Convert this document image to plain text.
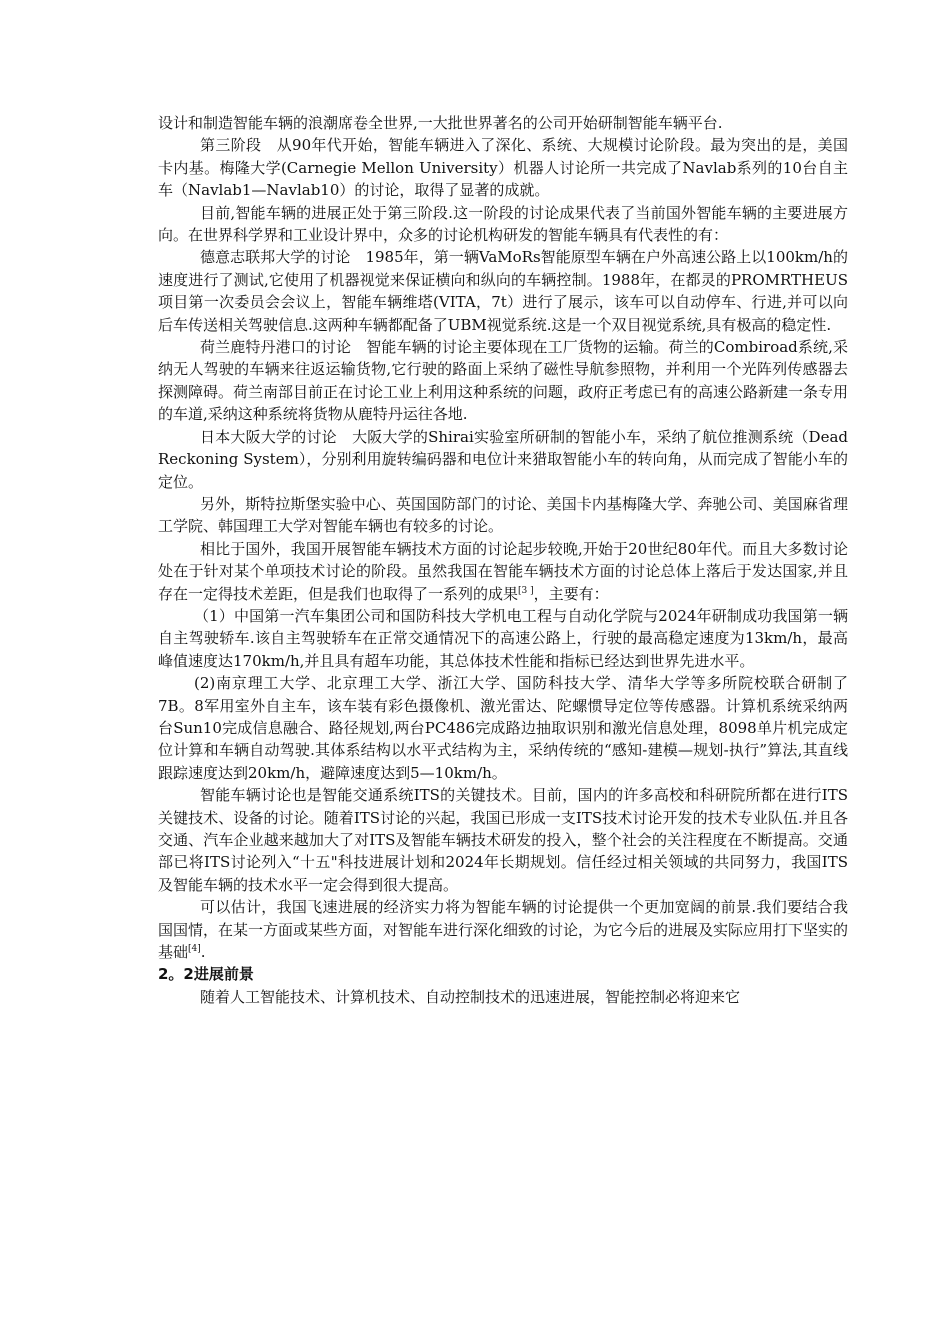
设计和制造智能车辆的浪潮席卷全世界,一大批世界著名的公司开始研制智能车辆平台.

第三阶段　从90年代开始，智能车辆进入了深化、系统、大规模讨论阶段。最为突出的是，美国卡内基。梅隆大学(Carnegie Mellon University）机器人讨论所一共完成了Navlab系列的10台自主车（Navlab1—Navlab10）的讨论，取得了显著的成就。

目前,智能车辆的进展正处于第三阶段.这一阶段的讨论成果代表了当前国外智能车辆的主要进展方向。在世界科学界和工业设计界中，众多的讨论机构研发的智能车辆具有代表性的有：

德意志联邦大学的讨论　1985年，第一辆VaMoRs智能原型车辆在户外高速公路上以100km/h的速度进行了测试,它使用了机器视觉来保证横向和纵向的车辆控制。1988年，在都灵的PROMRTHEUS项目第一次委员会会议上，智能车辆维塔(VITA，7t）进行了展示，该车可以自动停车、行进,并可以向后车传送相关驾驶信息.这两种车辆都配备了UBM视觉系统.这是一个双目视觉系统,具有极高的稳定性.

荷兰鹿特丹港口的讨论　智能车辆的讨论主要体现在工厂货物的运输。荷兰的Combiroad系统,采纳无人驾驶的车辆来往返运输货物,它行驶的路面上采纳了磁性导航参照物，并利用一个光阵列传感器去探测障碍。荷兰南部目前正在讨论工业上利用这种系统的问题，政府正考虑已有的高速公路新建一条专用的车道,采纳这种系统将货物从鹿特丹运往各地.

日本大阪大学的讨论　大阪大学的Shirai实验室所研制的智能小车，采纳了航位推测系统（Dead Reckoning System），分别利用旋转编码器和电位计来猎取智能小车的转向角，从而完成了智能小车的定位。

另外，斯特拉斯堡实验中心、英国国防部门的讨论、美国卡内基梅隆大学、奔驰公司、美国麻省理工学院、韩国理工大学对智能车辆也有较多的讨论。

相比于国外，我国开展智能车辆技术方面的讨论起步较晚,开始于20世纪80年代。而且大多数讨论处在于针对某个单项技术讨论的阶段。虽然我国在智能车辆技术方面的讨论总体上落后于发达国家,并且存在一定得技术差距，但是我们也取得了一系列的成果[3 ]，主要有：

（1）中国第一汽车集团公司和国防科技大学机电工程与自动化学院与2024年研制成功我国第一辆自主驾驶轿车.该自主驾驶轿车在正常交通情况下的高速公路上，行驶的最高稳定速度为13km/h，最高峰值速度达170km/h,并且具有超车功能，其总体技术性能和指标已经达到世界先进水平。

(2)南京理工大学、北京理工大学、浙江大学、国防科技大学、清华大学等多所院校联合研制了7B。8军用室外自主车，该车装有彩色摄像机、激光雷达、陀螺惯导定位等传感器。计算机系统采纳两台Sun10完成信息融合、路径规划,两台PC486完成路边抽取识别和激光信息处理，8098单片机完成定位计算和车辆自动驾驶.其体系结构以水平式结构为主，采纳传统的“感知-建模—规划-执行”算法,其直线跟踪速度达到20km/h，避障速度达到5—10km/h。

智能车辆讨论也是智能交通系统ITS的关键技术。目前，国内的许多高校和科研院所都在进行ITS关键技术、设备的讨论。随着ITS讨论的兴起，我国已形成一支ITS技术讨论开发的技术专业队伍.并且各交通、汽车企业越来越加大了对ITS及智能车辆技术研发的投入，整个社会的关注程度在不断提高。交通部已将ITS讨论列入“十五"科技进展计划和2024年长期规划。信任经过相关领域的共同努力，我国ITS及智能车辆的技术水平一定会得到很大提高。

可以估计，我国飞速进展的经济实力将为智能车辆的讨论提供一个更加宽阔的前景.我们要结合我国国情，在某一方面或某些方面，对智能车进行深化细致的讨论，为它今后的进展及实际应用打下坚实的基础[4].

2。2进展前景

随着人工智能技术、计算机技术、自动控制技术的迅速进展，智能控制必将迎来它
